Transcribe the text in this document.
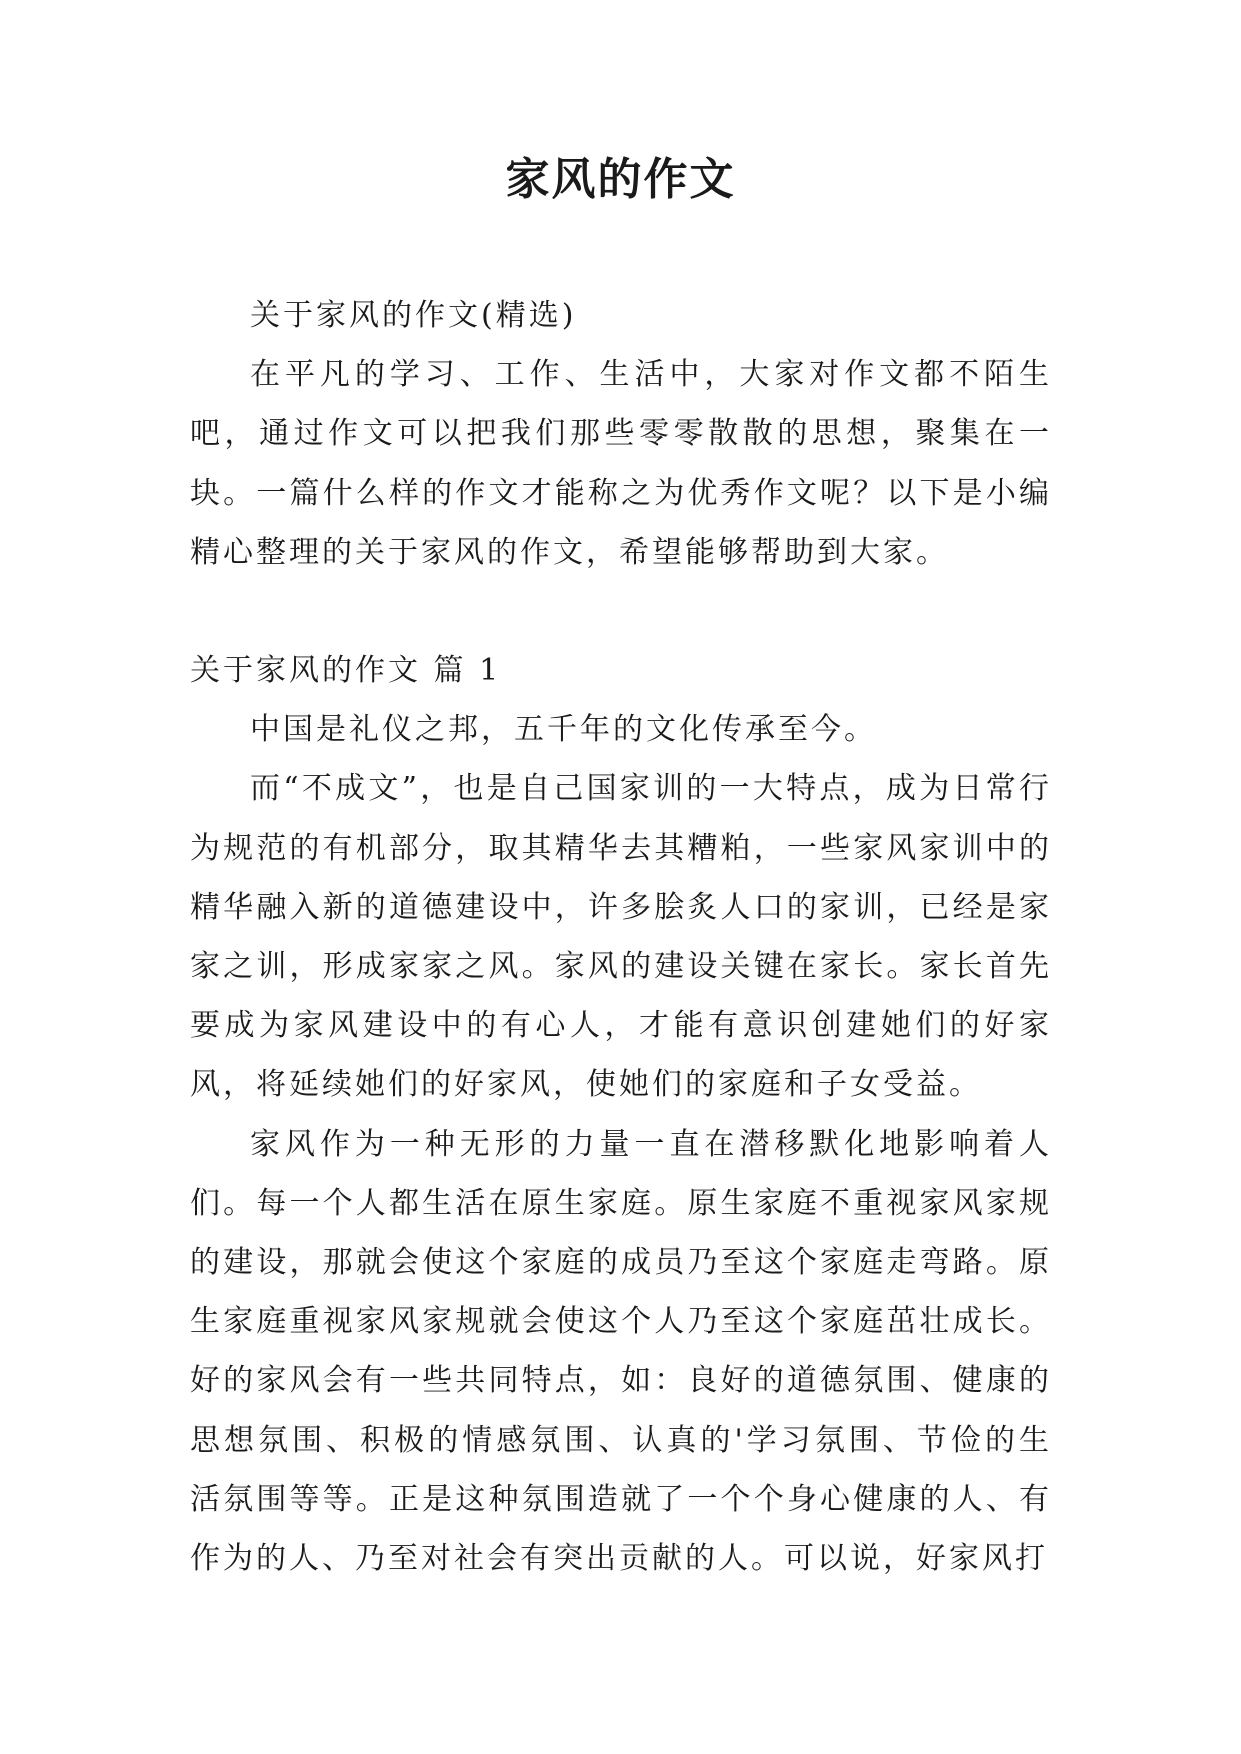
家风的作文

关于家风的作文(精选)

在平凡的学习、工作、生活中，大家对作文都不陌生吧，通过作文可以把我们那些零零散散的思想，聚集在一块。一篇什么样的作文才能称之为优秀作文呢？以下是小编精心整理的关于家风的作文，希望能够帮助到大家。

关于家风的作文 篇 1

中国是礼仪之邦，五千年的文化传承至今。

而“不成文”，也是自己国家训的一大特点，成为日常行为规范的有机部分，取其精华去其糟粕，一些家风家训中的精华融入新的道德建设中，许多脍炙人口的家训，已经是家家之训，形成家家之风。家风的建设关键在家长。家长首先要成为家风建设中的有心人，才能有意识创建她们的好家风，将延续她们的好家风，使她们的家庭和子女受益。

家风作为一种无形的力量一直在潜移默化地影响着人们。每一个人都生活在原生家庭。原生家庭不重视家风家规的建设，那就会使这个家庭的成员乃至这个家庭走弯路。原生家庭重视家风家规就会使这个人乃至这个家庭茁壮成长。好的家风会有一些共同特点，如：良好的道德氛围、健康的思想氛围、积极的情感氛围、认真的'学习氛围、节俭的生活氛围等等。正是这种氛围造就了一个个身心健康的人、有作为的人、乃至对社会有突出贡献的人。可以说，好家风打
